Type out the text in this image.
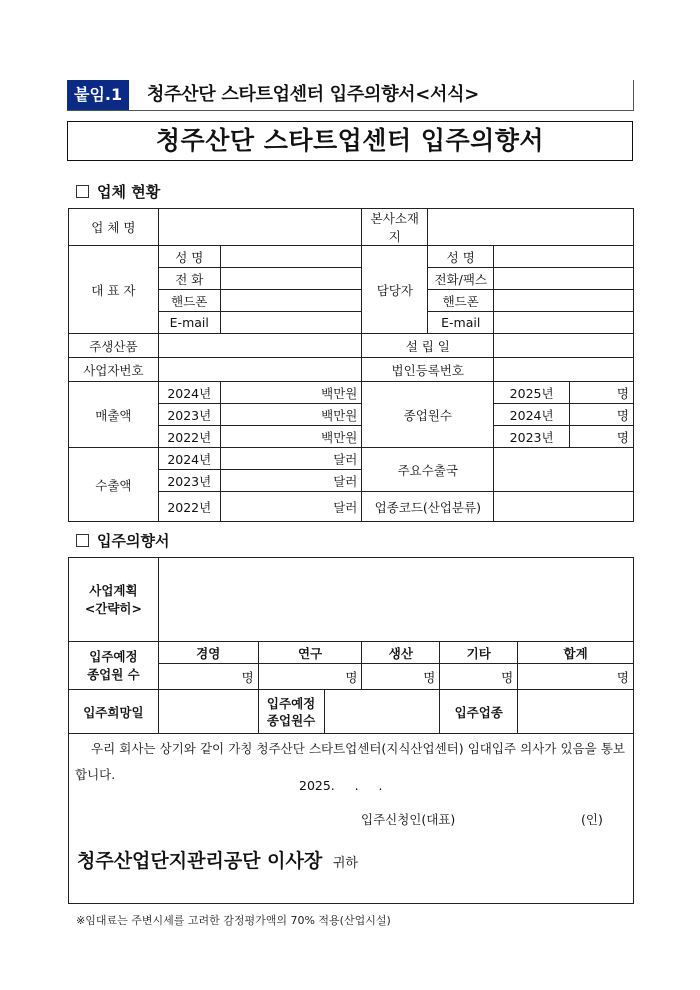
붙임.1	청주산단 스타트업센터 입주의향서<서식>
청주산단 스타트업센터 입주의향서
업체 현황
업 체 명			본사소재지			
대 표 자	성 명		담당자	성 명		
	전 화			전화/팩스		
	핸드폰			핸드폰		
	E-mail			E-mail		
주생산품			설 립 일			
사업자번호			법인등록번호			
매출액	2024년	백만원	종업원수		2025년	명
	2023년	백만원			2024년	명
	2022년	백만원			2023년	명
수출액	2024년	달러	주요수출국			
	2023년	달러				
	2022년	달러	업종코드(산업분류)			
입주의향서
사업계획
<간략히>						
입주예정
종업원 수	경영	연구		생산	기타	합계
	명	명		명	명	명
입주희망일		입주예정
종업원수			입주업종	

우리 회사는 상기와 같이 가칭 청주산단 스타트업센터(지식산업센터) 임대입주 의사가 있음을 통보합니다.
2025.     .     .
입주신청인(대표) (인)
청주산업단지관리공단 이사장 귀하						
※임대료는 주변시세를 고려한 감정평가액의 70% 적용(산업시설)
